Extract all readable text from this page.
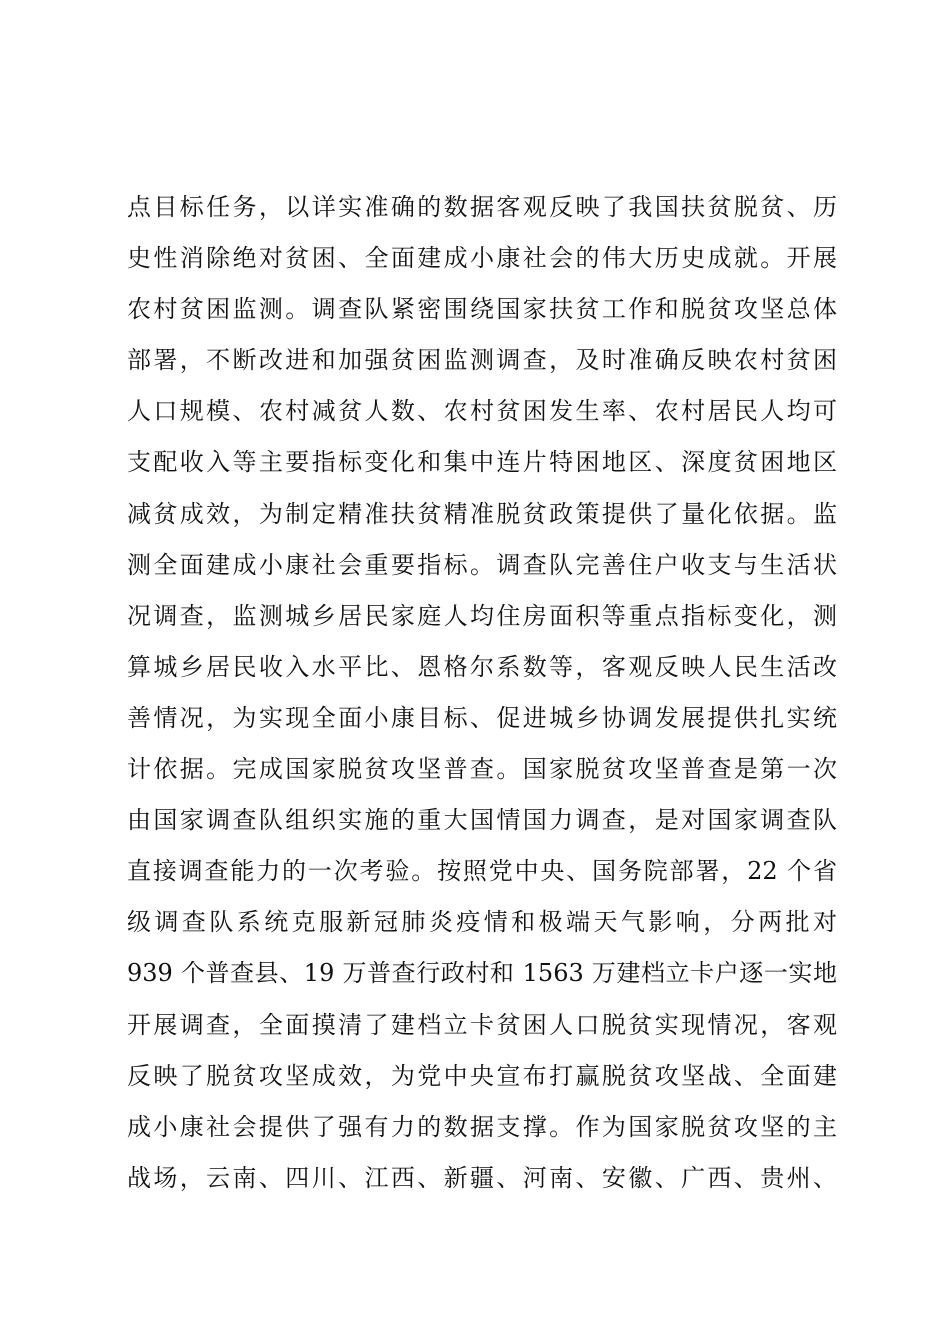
点目标任务，以详实准确的数据客观反映了我国扶贫脱贫、历
史性消除绝对贫困、全面建成小康社会的伟大历史成就。开展
农村贫困监测。调查队紧密围绕国家扶贫工作和脱贫攻坚总体
部署，不断改进和加强贫困监测调查，及时准确反映农村贫困
人口规模、农村减贫人数、农村贫困发生率、农村居民人均可
支配收入等主要指标变化和集中连片特困地区、深度贫困地区
减贫成效，为制定精准扶贫精准脱贫政策提供了量化依据。监
测全面建成小康社会重要指标。调查队完善住户收支与生活状
况调查，监测城乡居民家庭人均住房面积等重点指标变化，测
算城乡居民收入水平比、恩格尔系数等，客观反映人民生活改
善情况，为实现全面小康目标、促进城乡协调发展提供扎实统
计依据。完成国家脱贫攻坚普查。国家脱贫攻坚普查是第一次
由国家调查队组织实施的重大国情国力调查，是对国家调查队
直接调查能力的一次考验。按照党中央、国务院部署，22 个省
级调查队系统克服新冠肺炎疫情和极端天气影响，分两批对
939 个普查县、19 万普查行政村和 1563 万建档立卡户逐一实地
开展调查，全面摸清了建档立卡贫困人口脱贫实现情况，客观
反映了脱贫攻坚成效，为党中央宣布打赢脱贫攻坚战、全面建
成小康社会提供了强有力的数据支撑。作为国家脱贫攻坚的主
战场，云南、四川、江西、新疆、河南、安徽、广西、贵州、
